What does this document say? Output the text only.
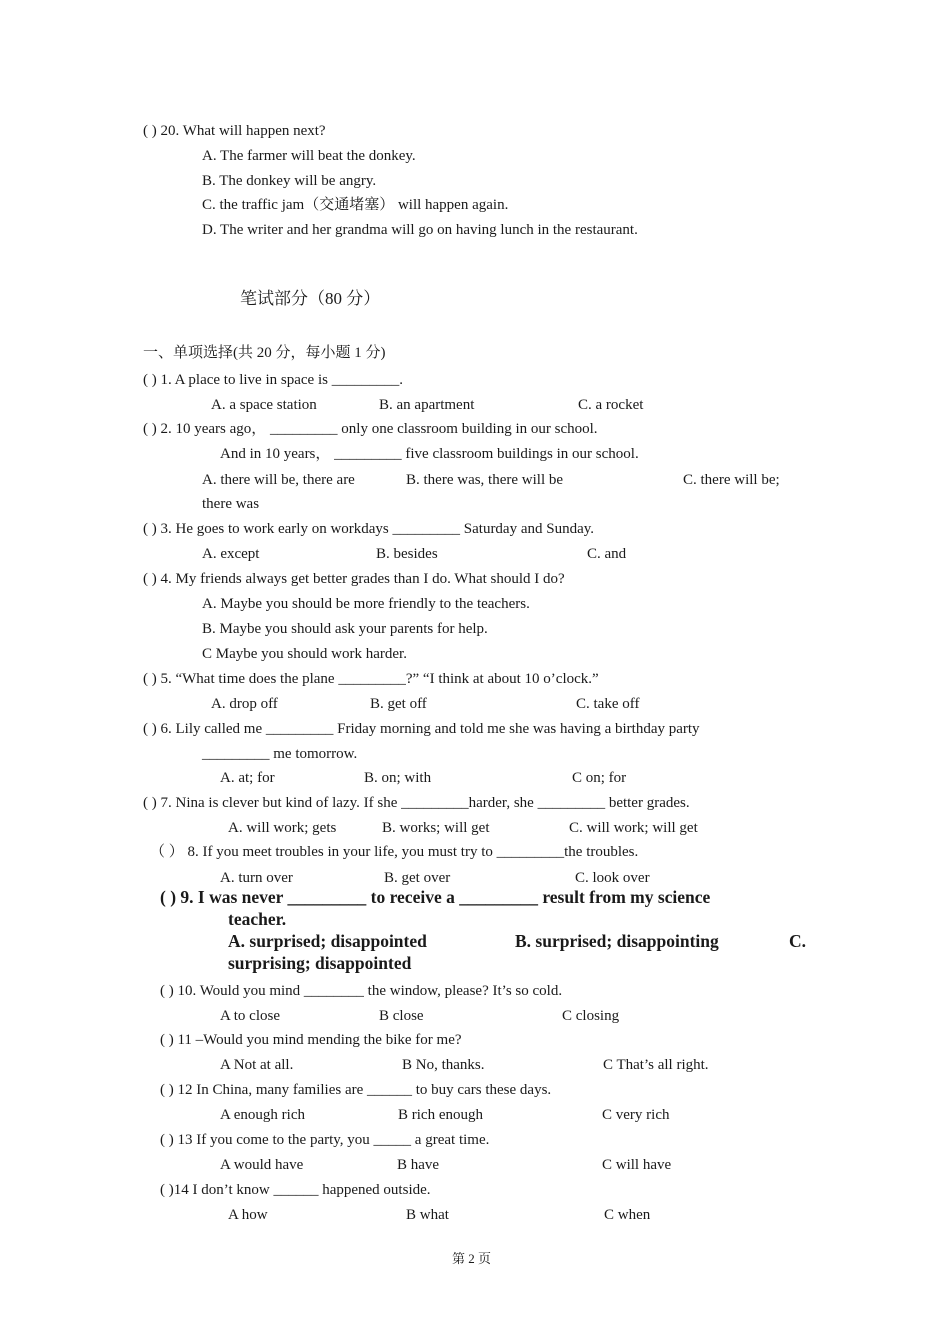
( ) 20. What will happen next?
A. The farmer will beat the donkey.
B. The donkey will be angry.
C. the traffic jam（交通堵塞） will happen again.
D. The writer and her grandma will go on having lunch in the restaurant.
笔试部分（80 分）
一、单项选择(共 20 分，每小题 1 分)
( ) 1. A place to live in space is _________.
A. a space station	B. an apartment	C. a rocket
( ) 2. 10 years ago， _________ only one classroom building in our school.
And in 10 years， _________ five classroom buildings in our school.
A. there will be, there are	B. there was, there will be	C. there will be;
there was
( ) 3. He goes to work early on workdays _________ Saturday and Sunday.
A. except	B. besides	C. and
( ) 4. My friends always get better grades than I do. What should I do?
A. Maybe you should be more friendly to the teachers.
B. Maybe you should ask your parents for help.
C Maybe you should work harder.
( ) 5. “What time does the plane _________?” “I think at about 10 o’clock.”
A. drop off	B. get off	C. take off
( ) 6. Lily called me _________ Friday morning and told me she was having a birthday party
_________ me tomorrow.
A. at; for	B. on; with	C on; for
( ) 7. Nina is clever but kind of lazy. If she _________harder, she _________ better grades.
A. will work; gets	B. works; will get	C. will work; will get
（ ） 8. If you meet troubles in your life, you must try to _________the troubles.
A. turn over	B. get over	C. look over
( ) 9. I was never _________ to receive a _________ result from my science
teacher.
A. surprised; disappointed	B. surprised; disappointing	C.
surprising; disappointed
( ) 10. Would you mind ________ the window, please? It’s so cold.
A to close	B close	C closing
( ) 11 –Would you mind mending the bike for me?
A Not at all.	B No, thanks.	C That’s all right.
( ) 12 In China, many families are ______ to buy cars these days.
A enough rich	B rich enough	C very rich
( ) 13 If you come to the party, you _____ a great time.
A would have	B have	C will have
( )14 I don’t know ______ happened outside.
A how	B what	C when
第 2 页
